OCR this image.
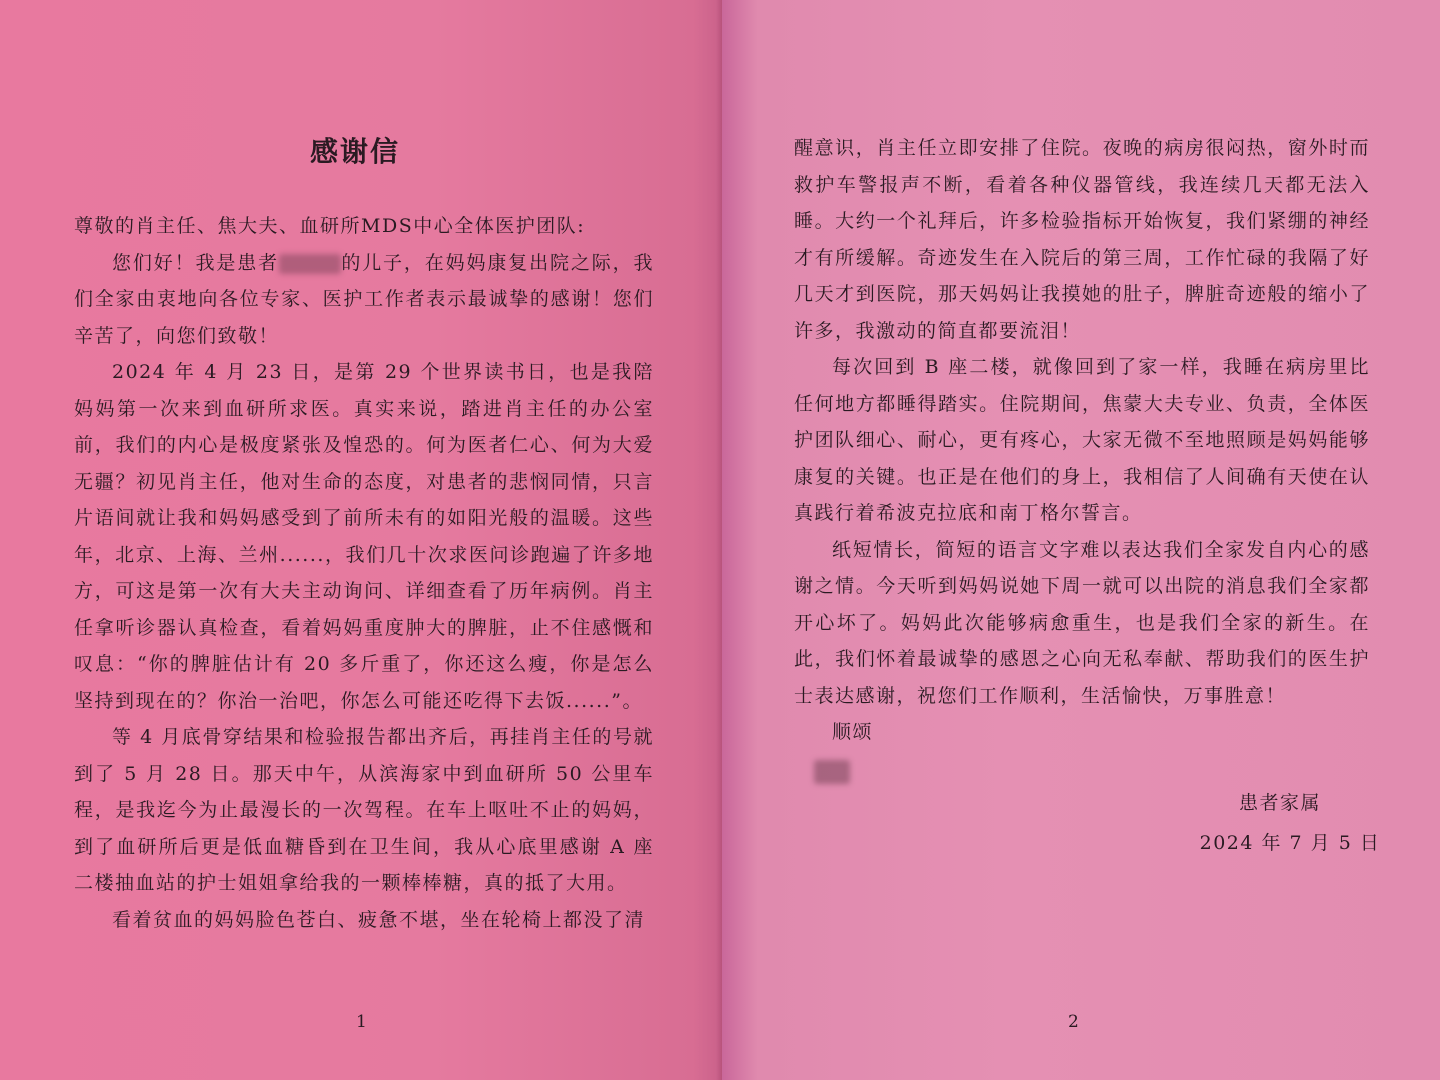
感谢信

尊敬的肖主任、焦大夫、血研所MDS中心全体医护团队:

您们好！我是患者	的儿子，在妈妈康复出院之际，我们全家由衷地向各位专家、医护工作者表示最诚挚的感谢！您们辛苦了，向您们致敬！

2024 年 4 月 23 日，是第 29 个世界读书日，也是我陪妈妈第一次来到血研所求医。真实来说，踏进肖主任的办公室前，我们的内心是极度紧张及惶恐的。何为医者仁心、何为大爱无疆？初见肖主任，他对生命的态度，对患者的悲悯同情，只言片语间就让我和妈妈感受到了前所未有的如阳光般的温暖。这些年，北京、上海、兰州......，我们几十次求医问诊跑遍了许多地方，可这是第一次有大夫主动询问、详细查看了历年病例。肖主任拿听诊器认真检查，看着妈妈重度肿大的脾脏，止不住感慨和叹息：“你的脾脏估计有 20 多斤重了，你还这么瘦，你是怎么坚持到现在的？你治一治吧，你怎么可能还吃得下去饭......”。

等 4 月底骨穿结果和检验报告都出齐后，再挂肖主任的号就到了 5 月 28 日。那天中午，从滨海家中到血研所 50 公里车程，是我迄今为止最漫长的一次驾程。在车上呕吐不止的妈妈，到了血研所后更是低血糖昏到在卫生间，我从心底里感谢 A 座二楼抽血站的护士姐姐拿给我的一颗棒棒糖，真的抵了大用。

看着贫血的妈妈脸色苍白、疲惫不堪，坐在轮椅上都没了清

1

醒意识，肖主任立即安排了住院。夜晚的病房很闷热，窗外时而救护车警报声不断，看着各种仪器管线，我连续几天都无法入睡。大约一个礼拜后，许多检验指标开始恢复，我们紧绷的神经才有所缓解。奇迹发生在入院后的第三周，工作忙碌的我隔了好几天才到医院，那天妈妈让我摸她的肚子，脾脏奇迹般的缩小了许多，我激动的简直都要流泪！

每次回到 B 座二楼，就像回到了家一样，我睡在病房里比任何地方都睡得踏实。住院期间，焦蒙大夫专业、负责，全体医护团队细心、耐心，更有疼心，大家无微不至地照顾是妈妈能够康复的关键。也正是在他们的身上，我相信了人间确有天使在认真践行着希波克拉底和南丁格尔誓言。

纸短情长，简短的语言文字难以表达我们全家发自内心的感谢之情。今天听到妈妈说她下周一就可以出院的消息我们全家都开心坏了。妈妈此次能够病愈重生，也是我们全家的新生。在此，我们怀着最诚挚的感恩之心向无私奉献、帮助我们的医生护士表达感谢，祝您们工作顺利，生活愉快，万事胜意！

顺颂

患者家属
2024 年 7 月 5 日
2
